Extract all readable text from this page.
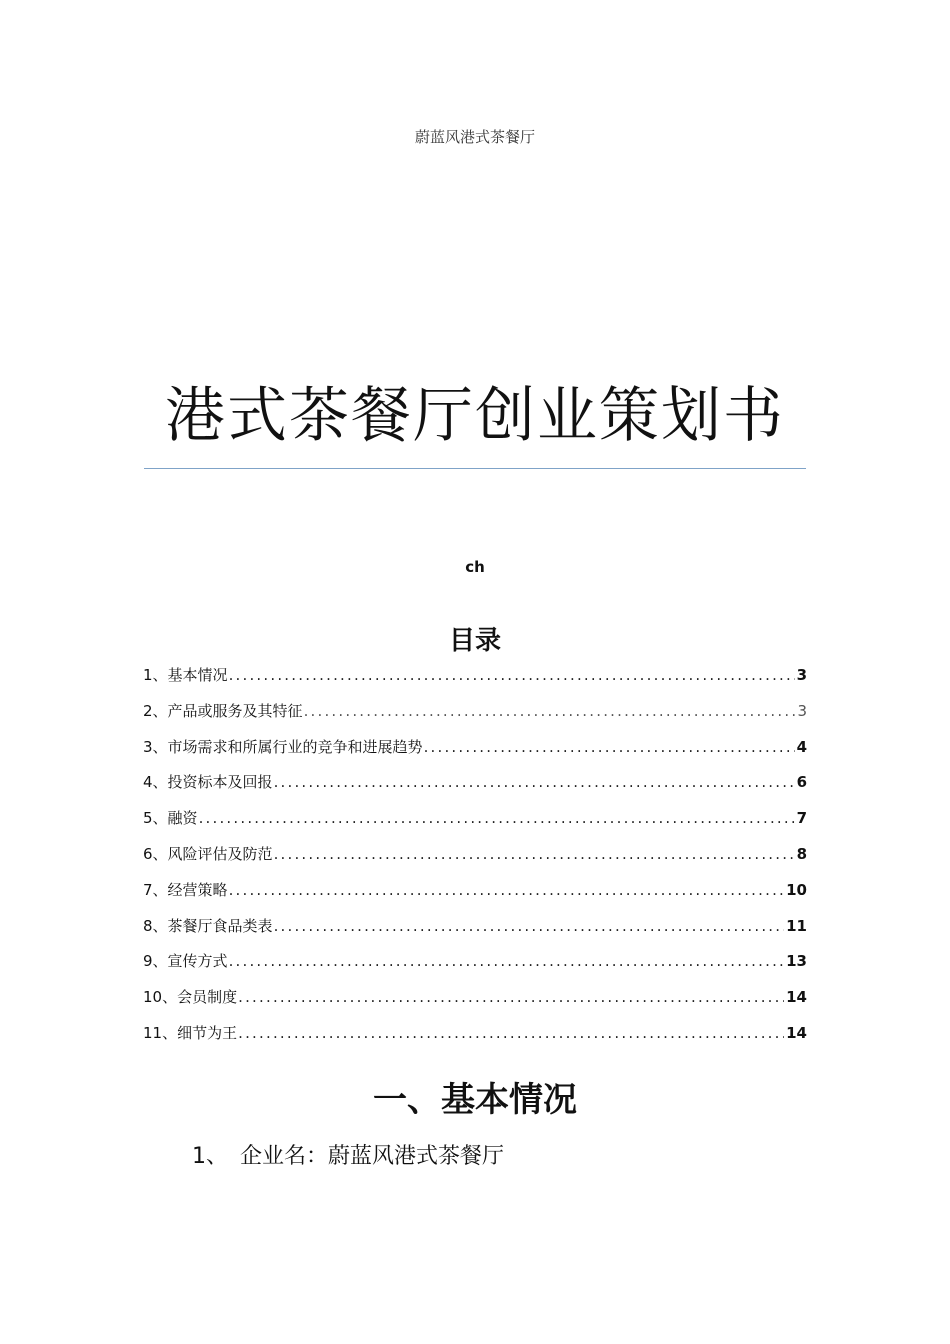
蔚蓝风港式茶餐厅
港式茶餐厅创业策划书
ch
目录
1、 基本情况 .....	3
2、 产品或服务及其特征 .....	3
3、 市场需求和所属行业的竞争和进展趋势 .....	4
4、 投资标本及回报 .....	6
5、 融资 .....	7
6、 风险评估及防范 .....	8
7、 经营策略 .....	10
8、 茶餐厅食品类表 .....	11
9、 宣传方式 .....	13
10、 会员制度 .....	14
11、 细节为王 .....	14
一、基本情况
1、 企业名：蔚蓝风港式茶餐厅
